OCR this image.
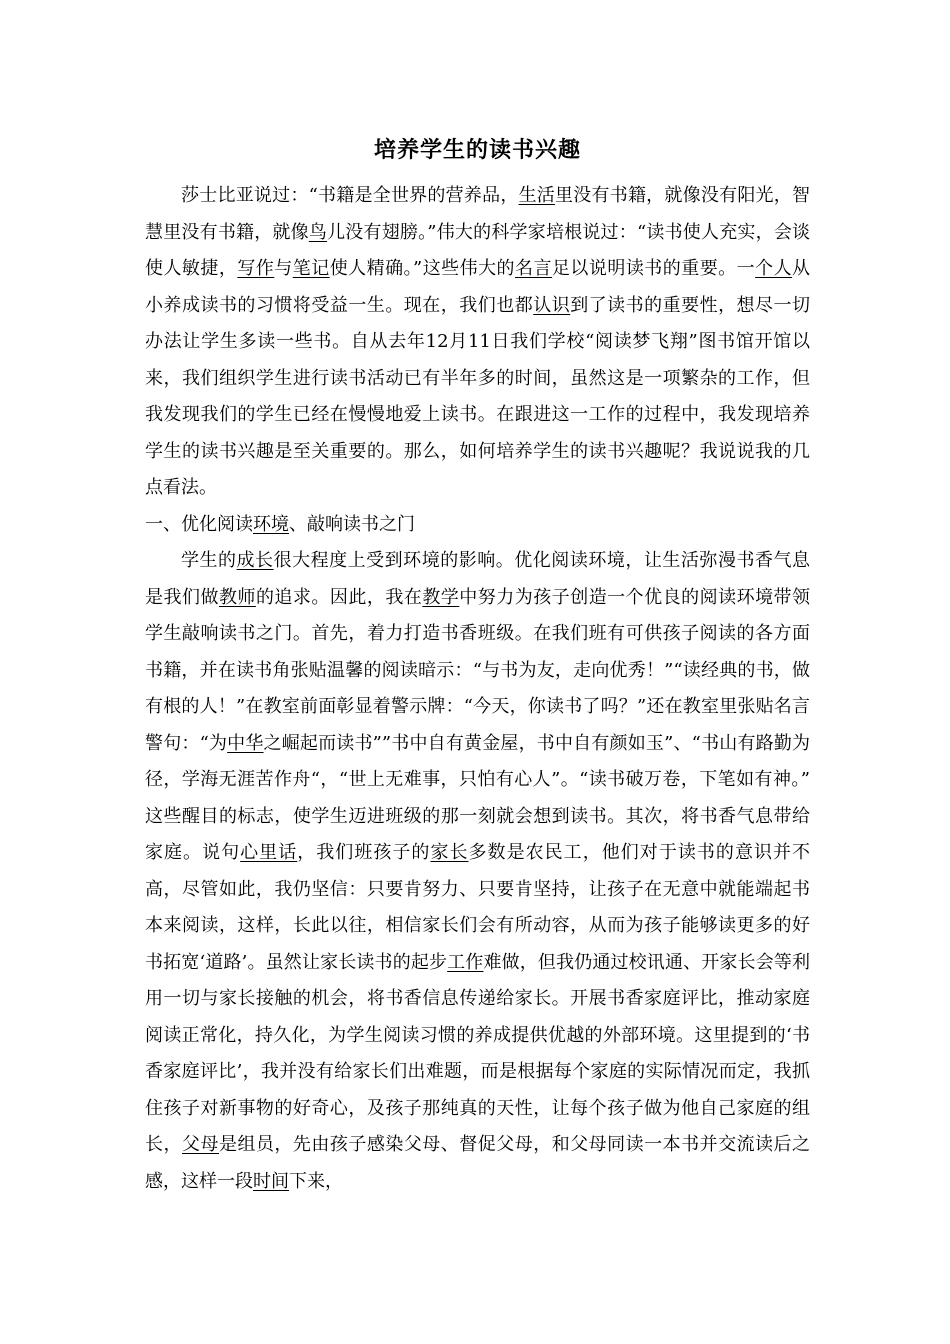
培养学生的读书兴趣

莎士比亚说过：“书籍是全世界的营养品，生活里没有书籍，就像没有阳光，智慧里没有书籍，就像鸟儿没有翅膀。”伟大的科学家培根说过：“读书使人充实，会谈使人敏捷，写作与笔记使人精确。”这些伟大的名言足以说明读书的重要。一个人从小养成读书的习惯将受益一生。现在，我们也都认识到了读书的重要性，想尽一切办法让学生多读一些书。自从去年12月11日我们学校“阅读梦飞翔”图书馆开馆以来，我们组织学生进行读书活动已有半年多的时间，虽然这是一项繁杂的工作，但我发现我们的学生已经在慢慢地爱上读书。在跟进这一工作的过程中，我发现培养学生的读书兴趣是至关重要的。那么，如何培养学生的读书兴趣呢？我说说我的几点看法。

一、优化阅读环境、敲响读书之门

学生的成长很大程度上受到环境的影响。优化阅读环境，让生活弥漫书香气息是我们做教师的追求。因此，我在教学中努力为孩子创造一个优良的阅读环境带领学生敲响读书之门。首先，着力打造书香班级。在我们班有可供孩子阅读的各方面书籍，并在读书角张贴温馨的阅读暗示：“与书为友，走向优秀！”“读经典的书，做有根的人！”在教室前面彰显着警示牌：“今天，你读书了吗？”还在教室里张贴名言警句：“为中华之崛起而读书””书中自有黄金屋，书中自有颜如玉”、“书山有路勤为径，学海无涯苦作舟“，“世上无难事，只怕有心人”。“读书破万卷，下笔如有神。” 这些醒目的标志，使学生迈进班级的那一刻就会想到读书。其次，将书香气息带给家庭。说句心里话，我们班孩子的家长多数是农民工，他们对于读书的意识并不高，尽管如此，我仍坚信：只要肯努力、只要肯坚持，让孩子在无意中就能端起书本来阅读，这样，长此以往，相信家长们会有所动容，从而为孩子能够读更多的好书拓宽‘道路’。虽然让家长读书的起步工作难做，但我仍通过校讯通、开家长会等利用一切与家长接触的机会，将书香信息传递给家长。开展书香家庭评比，推动家庭阅读正常化，持久化，为学生阅读习惯的养成提供优越的外部环境。这里提到的‘书香家庭评比’，我并没有给家长们出难题，而是根据每个家庭的实际情况而定，我抓住孩子对新事物的好奇心，及孩子那纯真的天性，让每个孩子做为他自己家庭的组长，父母是组员，先由孩子感染父母、督促父母，和父母同读一本书并交流读后之感，这样一段时间下来，
